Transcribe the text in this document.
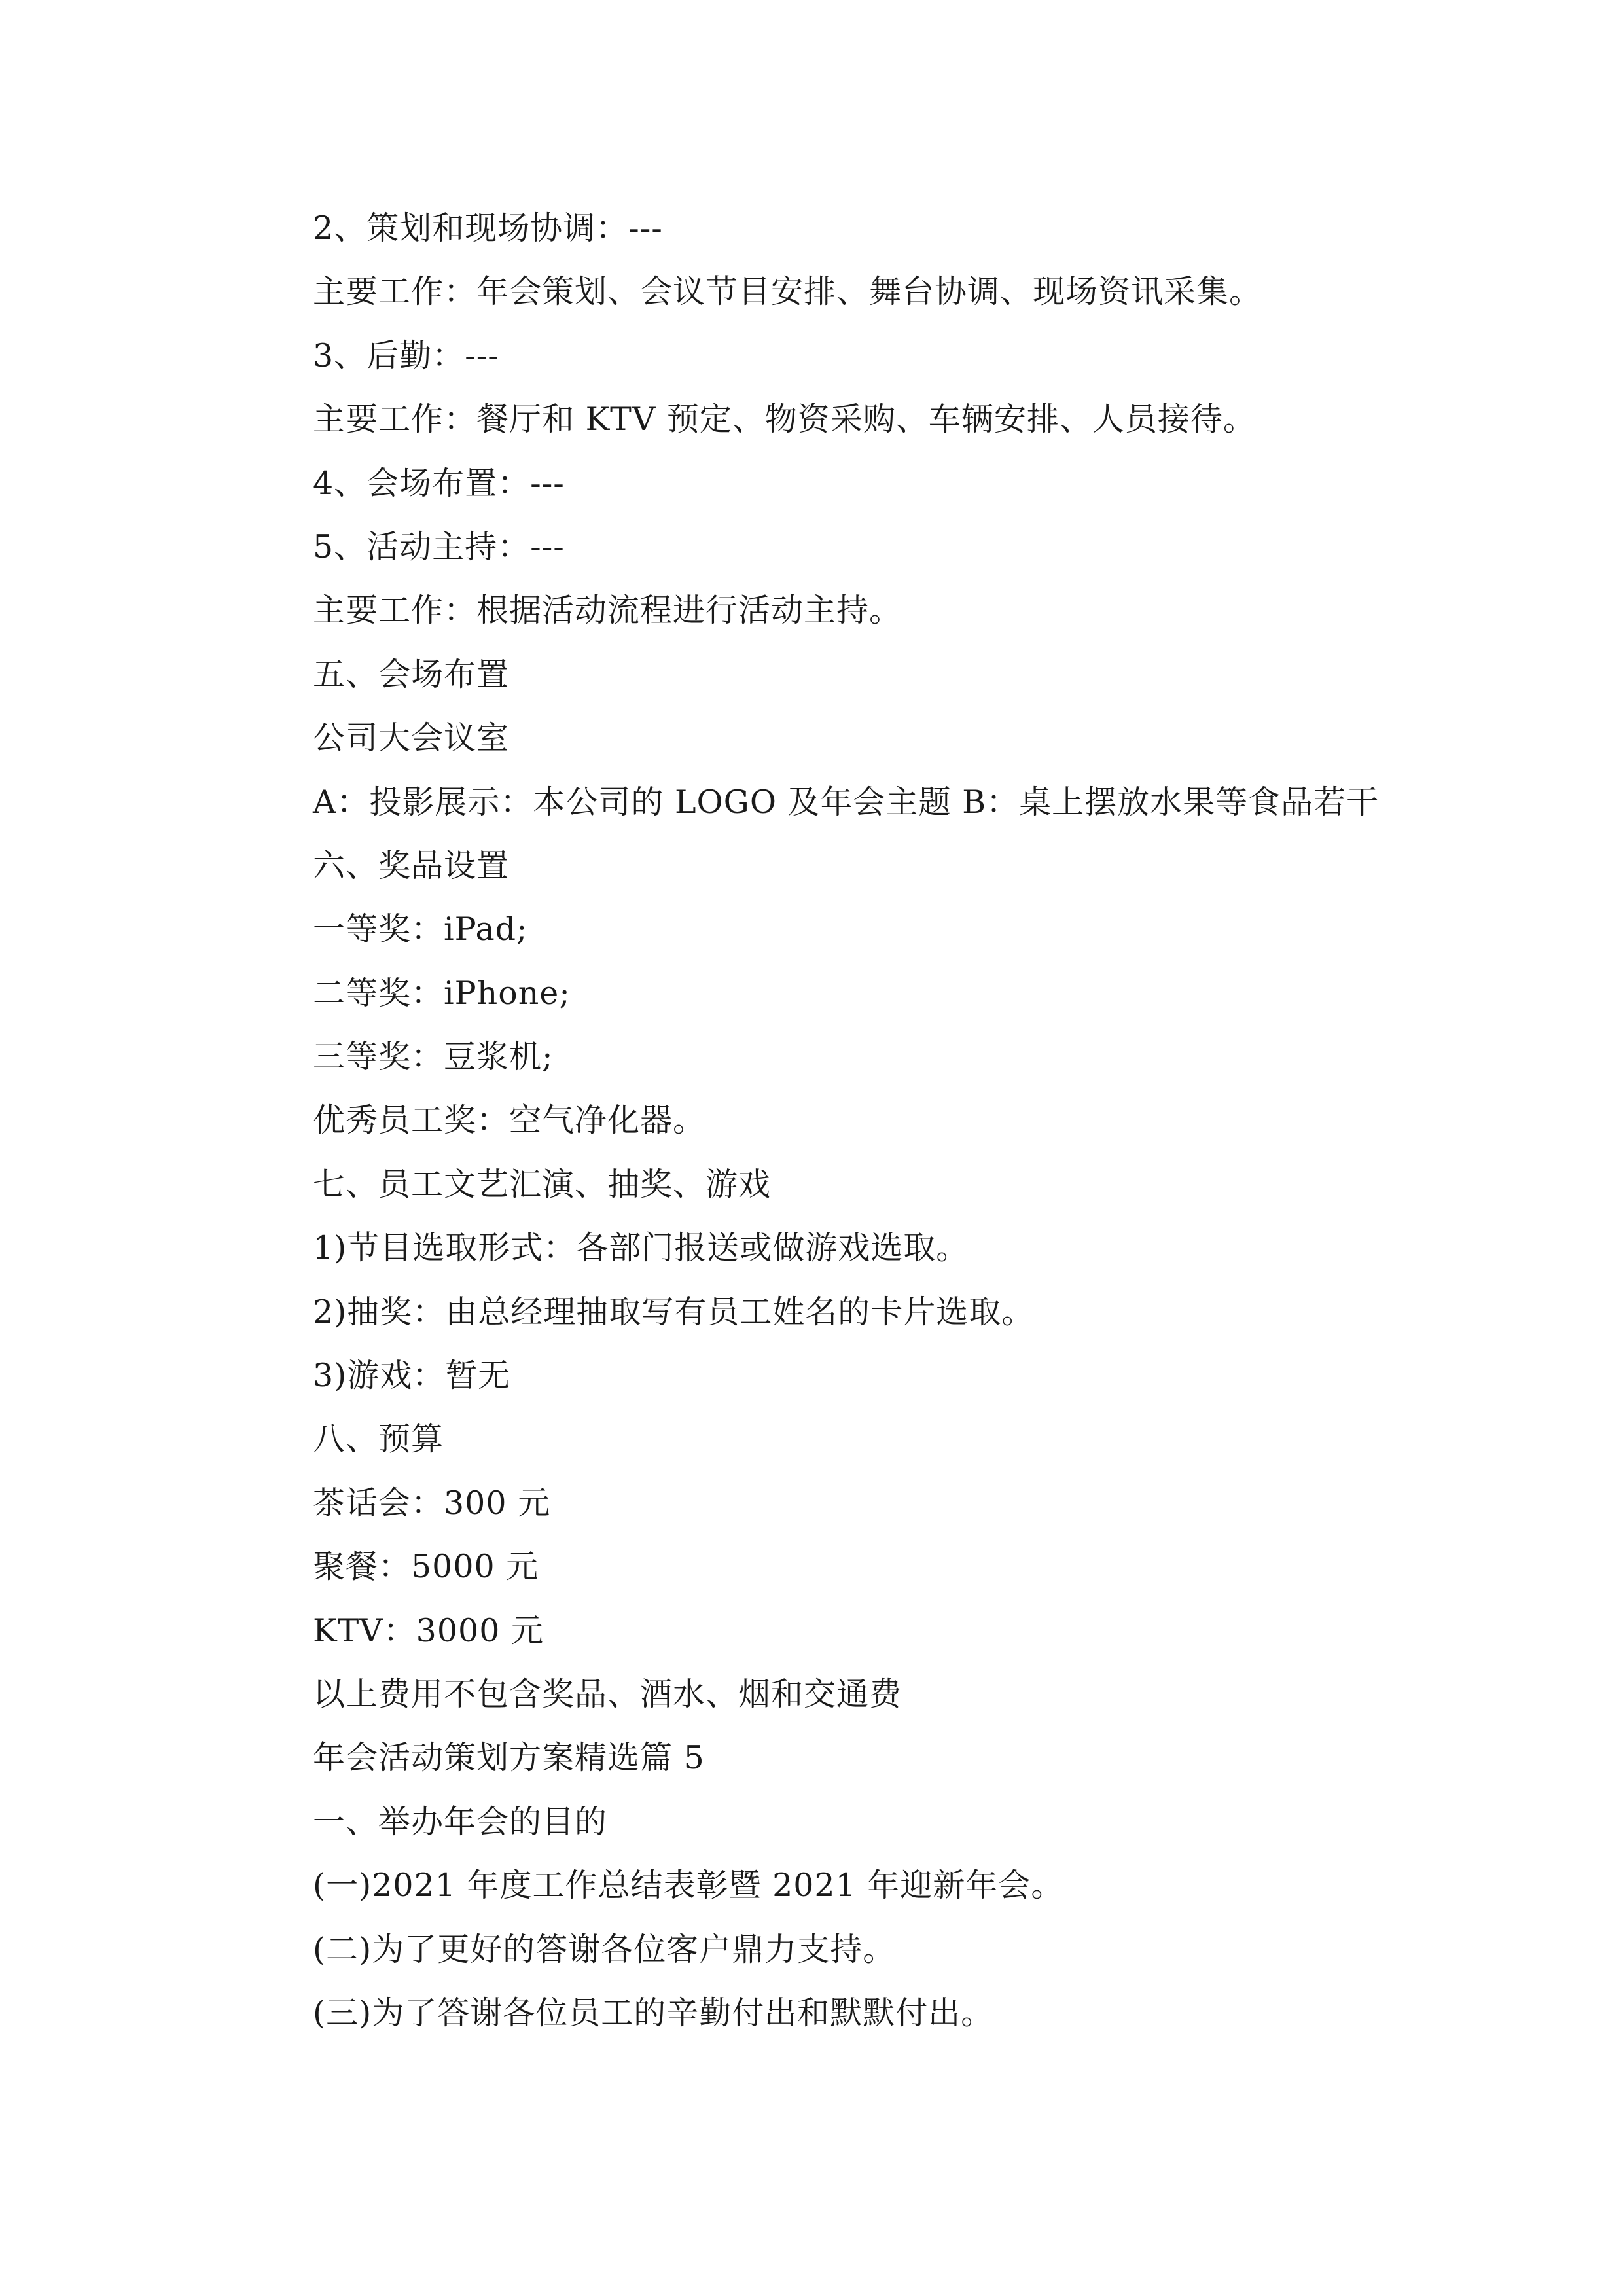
2、策划和现场协调：---
主要工作：年会策划、会议节目安排、舞台协调、现场资讯采集。
3、后勤：---
主要工作：餐厅和 KTV 预定、物资采购、车辆安排、人员接待。
4、会场布置：---
5、活动主持：---
主要工作：根据活动流程进行活动主持。
五、会场布置
公司大会议室
A：投影展示：本公司的 LOGO 及年会主题 B：桌上摆放水果等食品若干
六、奖品设置
一等奖：iPad;
二等奖：iPhone;
三等奖：豆浆机;
优秀员工奖：空气净化器。
七、员工文艺汇演、抽奖、游戏
1)节目选取形式：各部门报送或做游戏选取。
2)抽奖：由总经理抽取写有员工姓名的卡片选取。
3)游戏：暂无
八、预算
茶话会：300 元
聚餐：5000 元
KTV：3000 元
以上费用不包含奖品、酒水、烟和交通费
年会活动策划方案精选篇 5
一、举办年会的目的
(一)2021 年度工作总结表彰暨 2021 年迎新年会。
(二)为了更好的答谢各位客户鼎力支持。
(三)为了答谢各位员工的辛勤付出和默默付出。
